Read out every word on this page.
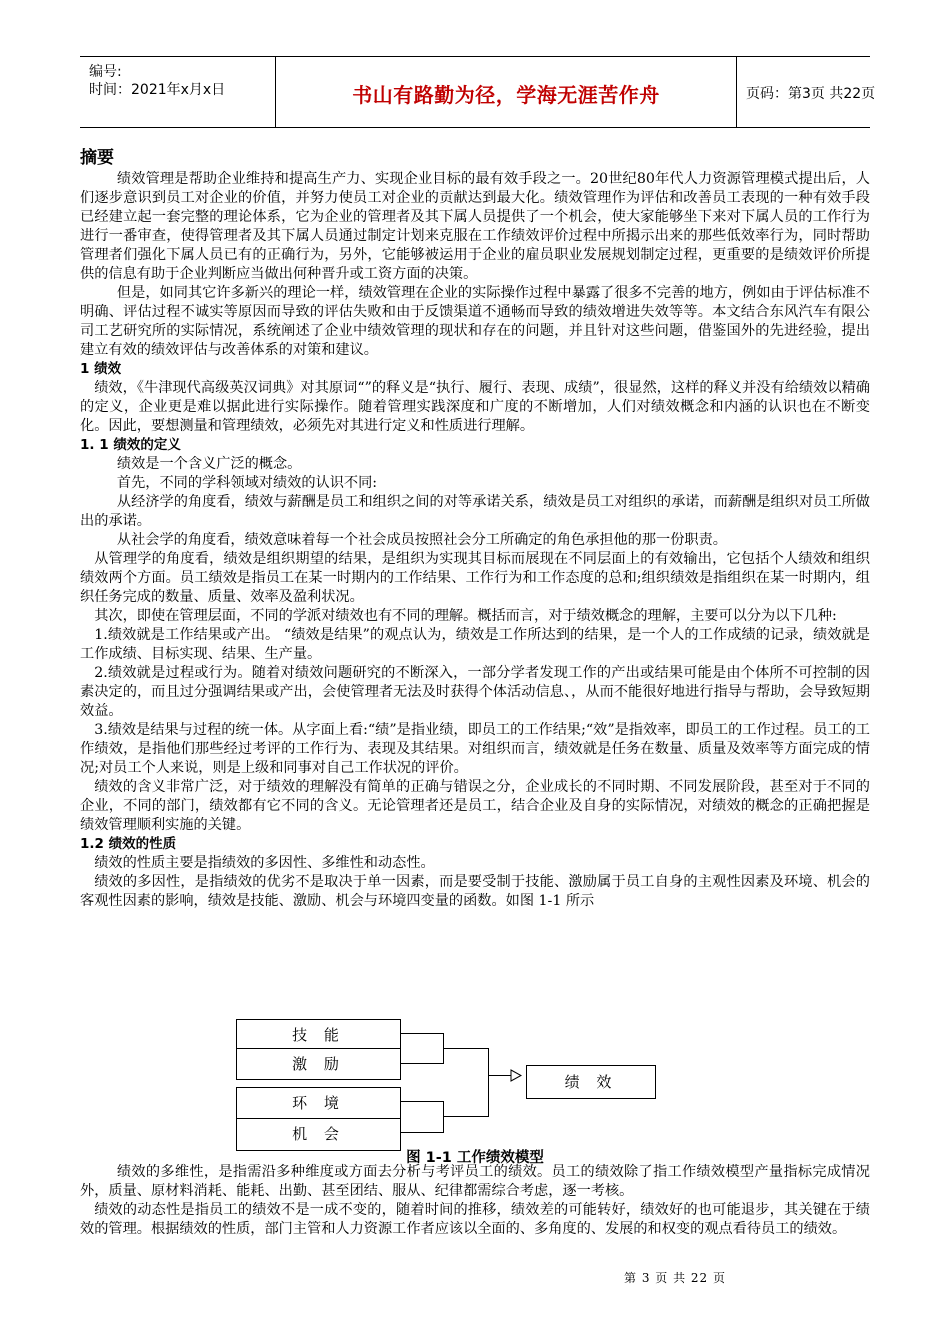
编号:
时间：2021年x月x日	书山有路勤为径，学海无涯苦作舟	页码：第3页 共22页

摘要

绩效管理是帮助企业维持和提高生产力、实现企业目标的最有效手段之一。20世纪80年代人力资源管理模式提出后，人们逐步意识到员工对企业的价值，并努力使员工对企业的贡献达到最大化。绩效管理作为评估和改善员工表现的一种有效手段已经建立起一套完整的理论体系，它为企业的管理者及其下属人员提供了一个机会，使大家能够坐下来对下属人员的工作行为进行一番审查，使得管理者及其下属人员通过制定计划来克服在工作绩效评价过程中所揭示出来的那些低效率行为，同时帮助管理者们强化下属人员已有的正确行为，另外，它能够被运用于企业的雇员职业发展规划制定过程，更重要的是绩效评价所提供的信息有助于企业判断应当做出何种晋升或工资方面的决策。

但是，如同其它许多新兴的理论一样，绩效管理在企业的实际操作过程中暴露了很多不完善的地方，例如由于评估标准不明确、评估过程不诚实等原因而导致的评估失败和由于反馈渠道不通畅而导致的绩效增进失效等等。本文结合东风汽车有限公司工艺研究所的实际情况，系统阐述了企业中绩效管理的现状和存在的问题，并且针对这些问题，借鉴国外的先进经验，提出建立有效的绩效评估与改善体系的对策和建议。

1 绩效

绩效，《牛津现代高级英汉词典》对其原词“”的释义是“执行、履行、表现、成绩”，很显然，这样的释义并没有给绩效以精确的定义，企业更是难以据此进行实际操作。随着管理实践深度和广度的不断增加，人们对绩效概念和内涵的认识也在不断变化。因此，要想测量和管理绩效，必须先对其进行定义和性质进行理解。

1. 1 绩效的定义

绩效是一个含义广泛的概念。

首先，不同的学科领域对绩效的认识不同:

从经济学的角度看，绩效与薪酬是员工和组织之间的对等承诺关系，绩效是员工对组织的承诺，而薪酬是组织对员工所做出的承诺。

从社会学的角度看，绩效意味着每一个社会成员按照社会分工所确定的角色承担他的那一份职责。

从管理学的角度看，绩效是组织期望的结果，是组织为实现其目标而展现在不同层面上的有效输出，它包括个人绩效和组织绩效两个方面。员工绩效是指员工在某一时期内的工作结果、工作行为和工作态度的总和;组织绩效是指组织在某一时期内，组织任务完成的数量、质量、效率及盈利状况。

其次，即使在管理层面，不同的学派对绩效也有不同的理解。概括而言，对于绩效概念的理解，主要可以分为以下几种:

1.绩效就是工作结果或产出。 “绩效是结果”的观点认为，绩效是工作所达到的结果，是一个人的工作成绩的记录，绩效就是工作成绩、目标实现、结果、生产量。

2.绩效就是过程或行为。随着对绩效问题研究的不断深入，一部分学者发现工作的产出或结果可能是由个体所不可控制的因素决定的，而且过分强调结果或产出，会使管理者无法及时获得个体活动信息、，从而不能很好地进行指导与帮助，会导致短期效益。

3.绩效是结果与过程的统一体。从字面上看:“绩”是指业绩，即员工的工作结果;“效”是指效率，即员工的工作过程。员工的工作绩效，是指他们那些经过考评的工作行为、表现及其结果。对组织而言，绩效就是任务在数量、质量及效率等方面完成的情况;对员工个人来说，则是上级和同事对自己工作状况的评价。

绩效的含义非常广泛，对于绩效的理解没有简单的正确与错误之分，企业成长的不同时期、不同发展阶段，甚至对于不同的企业，不同的部门，绩效都有它不同的含义。无论管理者还是员工，结合企业及自身的实际情况，对绩效的概念的正确把握是绩效管理顺利实施的关键。

1.2 绩效的性质

绩效的性质主要是指绩效的多因性、多维性和动态性。

绩效的多因性，是指绩效的优劣不是取决于单一因素，而是要受制于技能、激励属于员工自身的主观性因素及环境、机会的客观性因素的影响，绩效是技能、激励、机会与环境四变量的函数。如图 1-1 所示

技 能
激 励
环 境
机 会
绩 效
图 1-1 工作绩效模型

绩效的多维性，是指需沿多种维度或方面去分析与考评员工的绩效。员工的绩效除了指工作绩效模型产量指标完成情况外，质量、原材料消耗、能耗、出勤、甚至团结、服从、纪律都需综合考虑，逐一考核。

绩效的动态性是指员工的绩效不是一成不变的，随着时间的推移，绩效差的可能转好，绩效好的也可能退步，其关键在于绩效的管理。根据绩效的性质，部门主管和人力资源工作者应该以全面的、多角度的、发展的和权变的观点看待员工的绩效。

第 3 页 共 22 页
